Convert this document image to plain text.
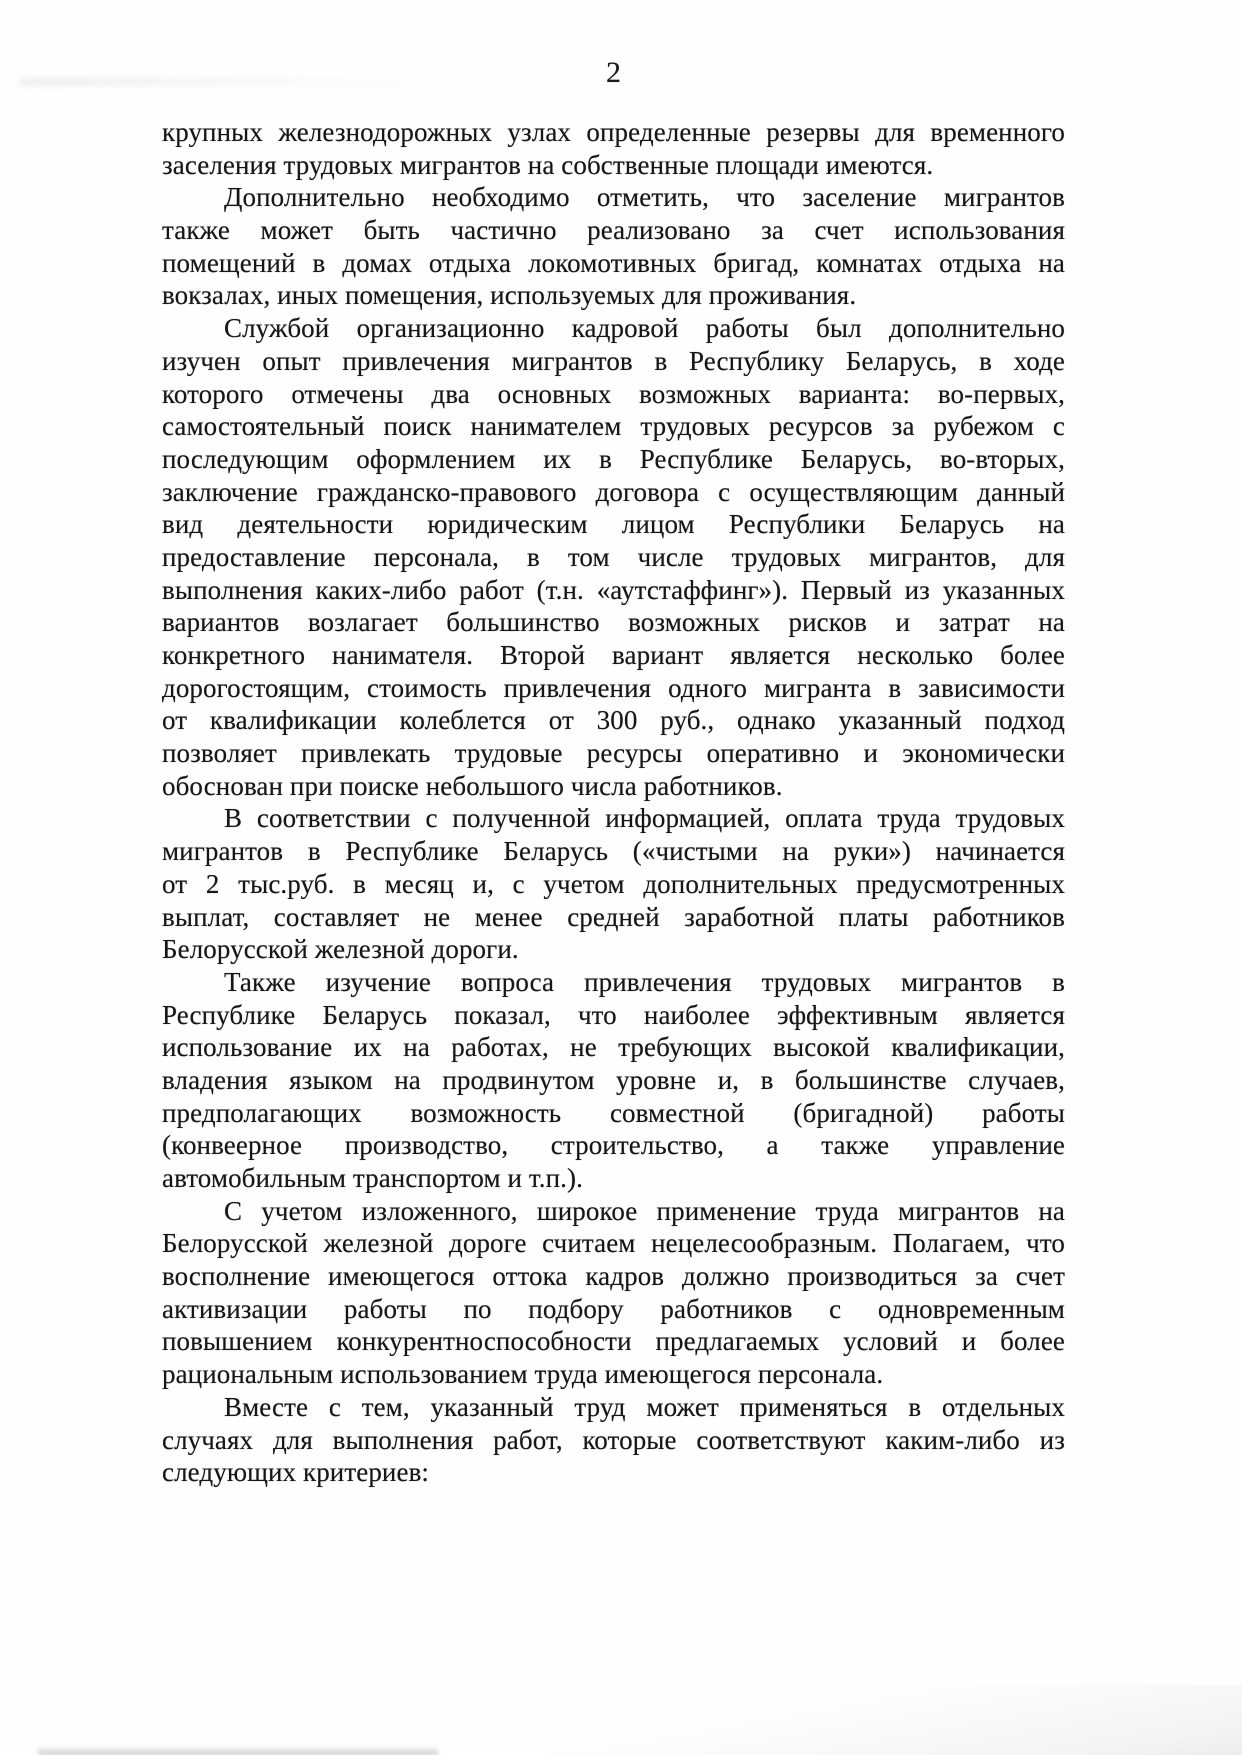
2
крупных железнодорожных узлах определенные резервы для временного
заселения трудовых мигрантов на собственные площади имеются.
Дополнительно необходимо отметить, что заселение мигрантов
также может быть частично реализовано за счет использования
помещений в домах отдыха локомотивных бригад, комнатах отдыха на
вокзалах, иных помещения, используемых для проживания.
Службой организационно кадровой работы был дополнительно
изучен опыт привлечения мигрантов в Республику Беларусь, в ходе
которого отмечены два основных возможных варианта: во-первых,
самостоятельный поиск нанимателем трудовых ресурсов за рубежом с
последующим оформлением их в Республике Беларусь, во-вторых,
заключение гражданско-правового договора с осуществляющим данный
вид деятельности юридическим лицом Республики Беларусь на
предоставление персонала, в том числе трудовых мигрантов, для
выполнения каких-либо работ (т.н. «аутстаффинг»). Первый из указанных
вариантов возлагает большинство возможных рисков и затрат на
конкретного нанимателя. Второй вариант является несколько более
дорогостоящим, стоимость привлечения одного мигранта в зависимости
от квалификации колеблется от 300 руб., однако указанный подход
позволяет привлекать трудовые ресурсы оперативно и экономически
обоснован при поиске небольшого числа работников.
В соответствии с полученной информацией, оплата труда трудовых
мигрантов в Республике Беларусь («чистыми на руки») начинается
от 2 тыс.руб. в месяц и, с учетом дополнительных предусмотренных
выплат, составляет не менее средней заработной платы работников
Белорусской железной дороги.
Также изучение вопроса привлечения трудовых мигрантов в
Республике Беларусь показал, что наиболее эффективным является
использование их на работах, не требующих высокой квалификации,
владения языком на продвинутом уровне и, в большинстве случаев,
предполагающих возможность совместной (бригадной) работы
(конвеерное производство, строительство, а также управление
автомобильным транспортом и т.п.).
С учетом изложенного, широкое применение труда мигрантов на
Белорусской железной дороге считаем нецелесообразным. Полагаем, что
восполнение имеющегося оттока кадров должно производиться за счет
активизации работы по подбору работников с одновременным
повышением конкурентноспособности предлагаемых условий и более
рациональным использованием труда имеющегося персонала.
Вместе с тем, указанный труд может применяться в отдельных
случаях для выполнения работ, которые соответствуют каким-либо из
следующих критериев:
